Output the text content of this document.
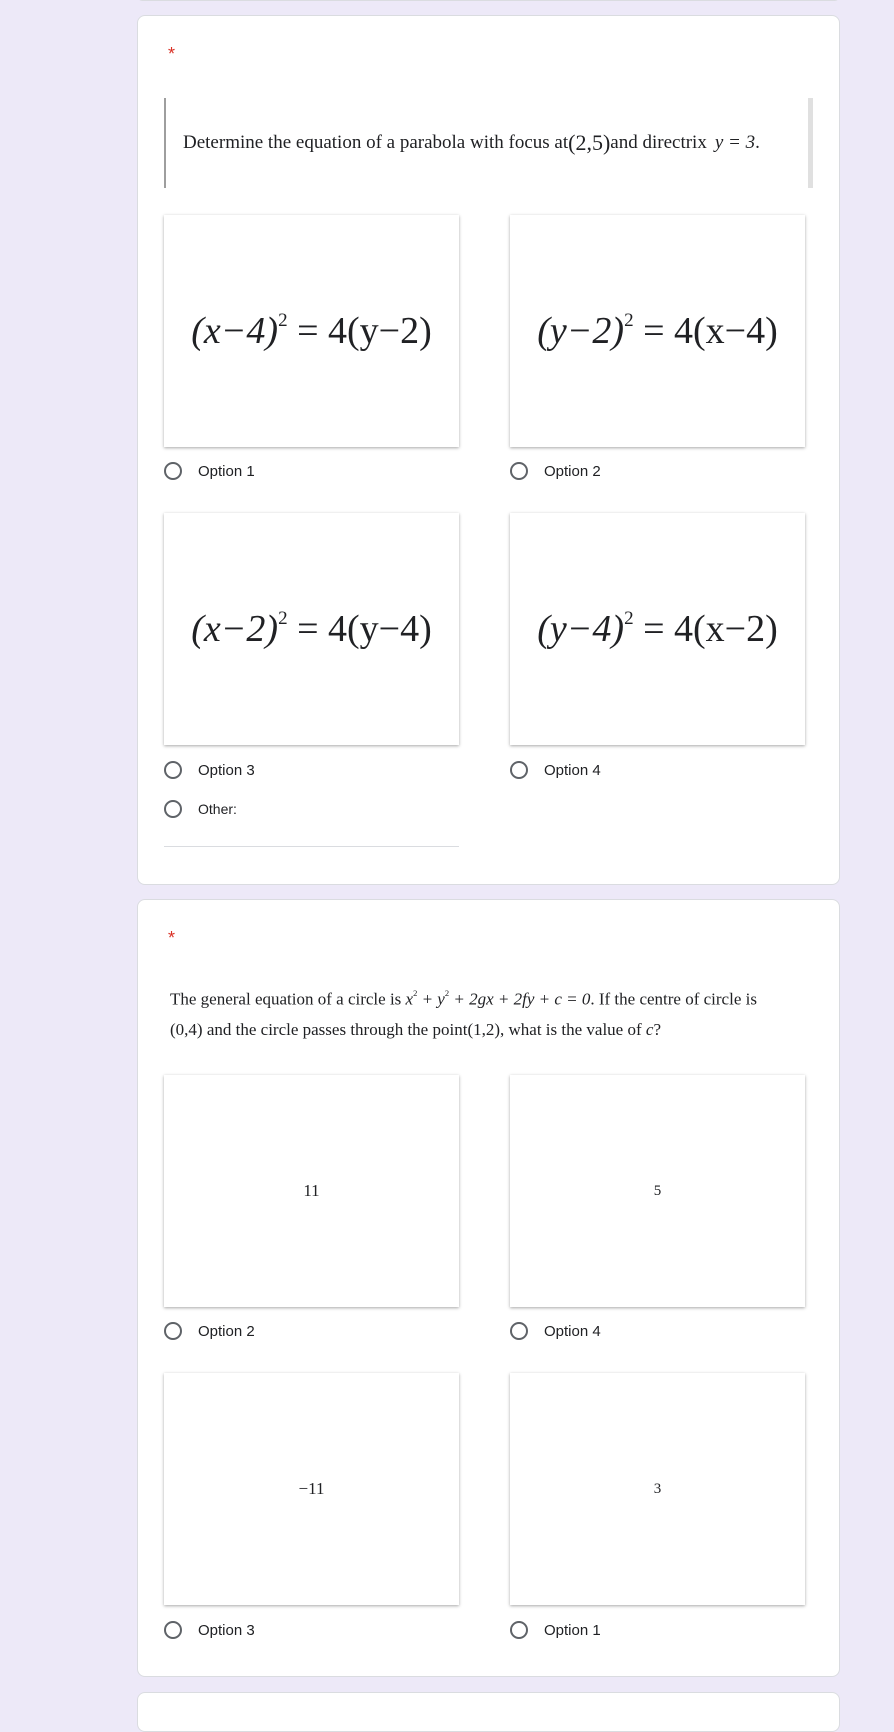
*
Determine the equation of a parabola with focus at (2,5) and directrix y = 3 .
$(x-4)^2 = 4(y-2)$
Option 1
$(y-2)^2 = 4(x-4)$
Option 2
$(x-2)^2 = 4(y-4)$
Option 3
$(y-4)^2 = 4(x-2)$
Option 4
Other:
*
The general equation of a circle is $x^2 + y^2 + 2gx + 2fy + c = 0$. If the centre of circle is
(0,4) and the circle passes through the point(1,2), what is the value of c?
11
Option 2
5
Option 4
−11
Option 3
3
Option 1
